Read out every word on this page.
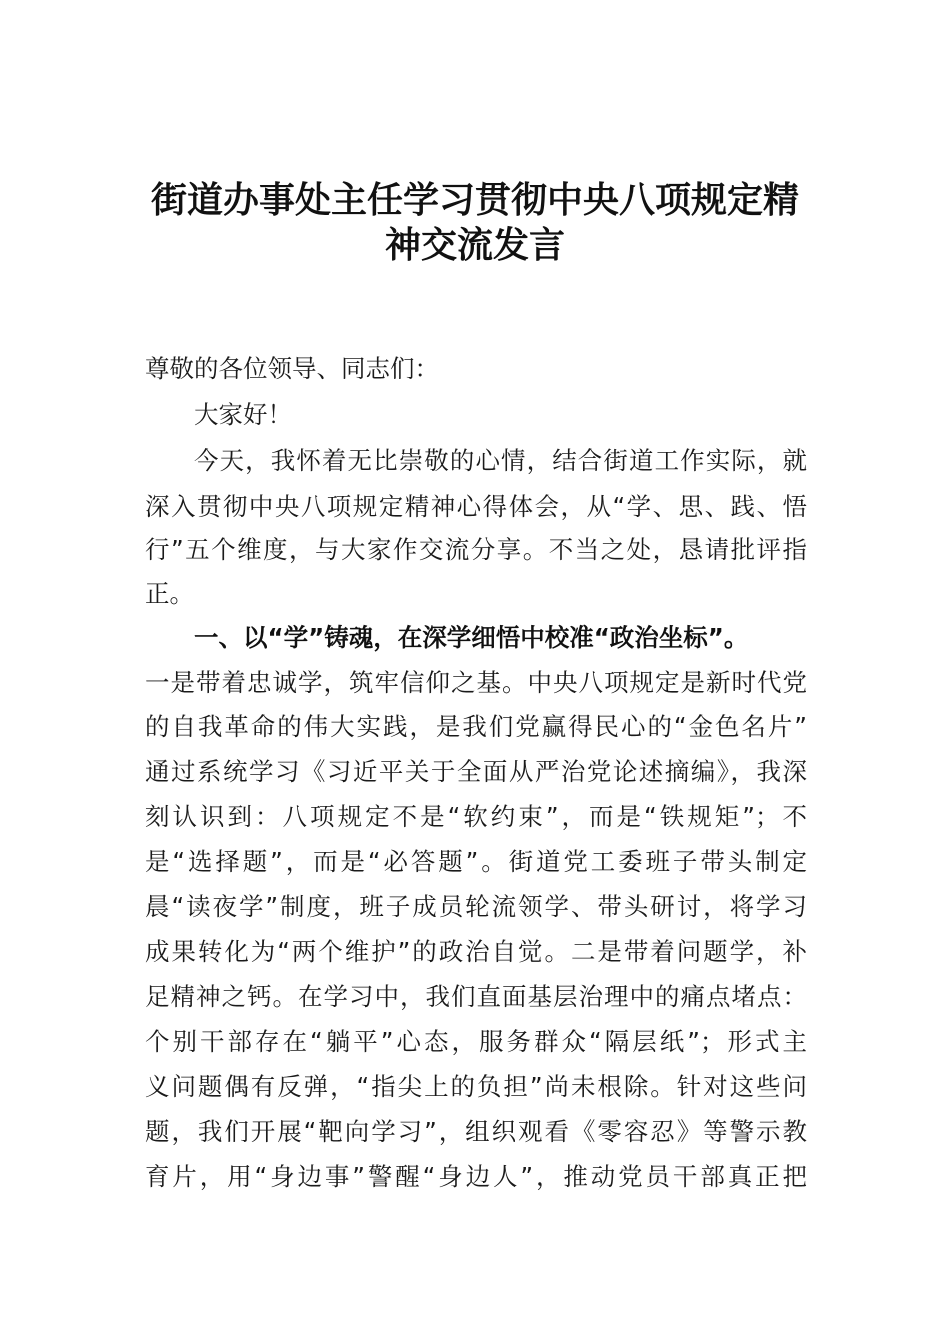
街道办事处主任学习贯彻中央八项规定精
神交流发言
尊敬的各位领导、同志们：
大家好！
今天，我怀着无比崇敬的心情，结合街道工作实际，就
深入贯彻中央八项规定精神心得体会，从“学、思、践、悟
行”五个维度，与大家作交流分享。不当之处，恳请批评指
正。
一、以“学”铸魂，在深学细悟中校准“政治坐标”。
一是带着忠诚学，筑牢信仰之基。中央八项规定是新时代党
的自我革命的伟大实践，是我们党赢得民心的“金色名片”
通过系统学习《习近平关于全面从严治党论述摘编》，我深
刻认识到：八项规定不是“软约束”，而是“铁规矩”；不
是“选择题”，而是“必答题”。街道党工委班子带头制定
晨“读夜学”制度，班子成员轮流领学、带头研讨，将学习
成果转化为“两个维护”的政治自觉。二是带着问题学，补
足精神之钙。在学习中，我们直面基层治理中的痛点堵点：
个别干部存在“躺平”心态，服务群众“隔层纸”；形式主
义问题偶有反弹，“指尖上的负担”尚未根除。针对这些问
题，我们开展“靶向学习”，组织观看《零容忍》等警示教
育片，用“身边事”警醒“身边人”，推动党员干部真正把
